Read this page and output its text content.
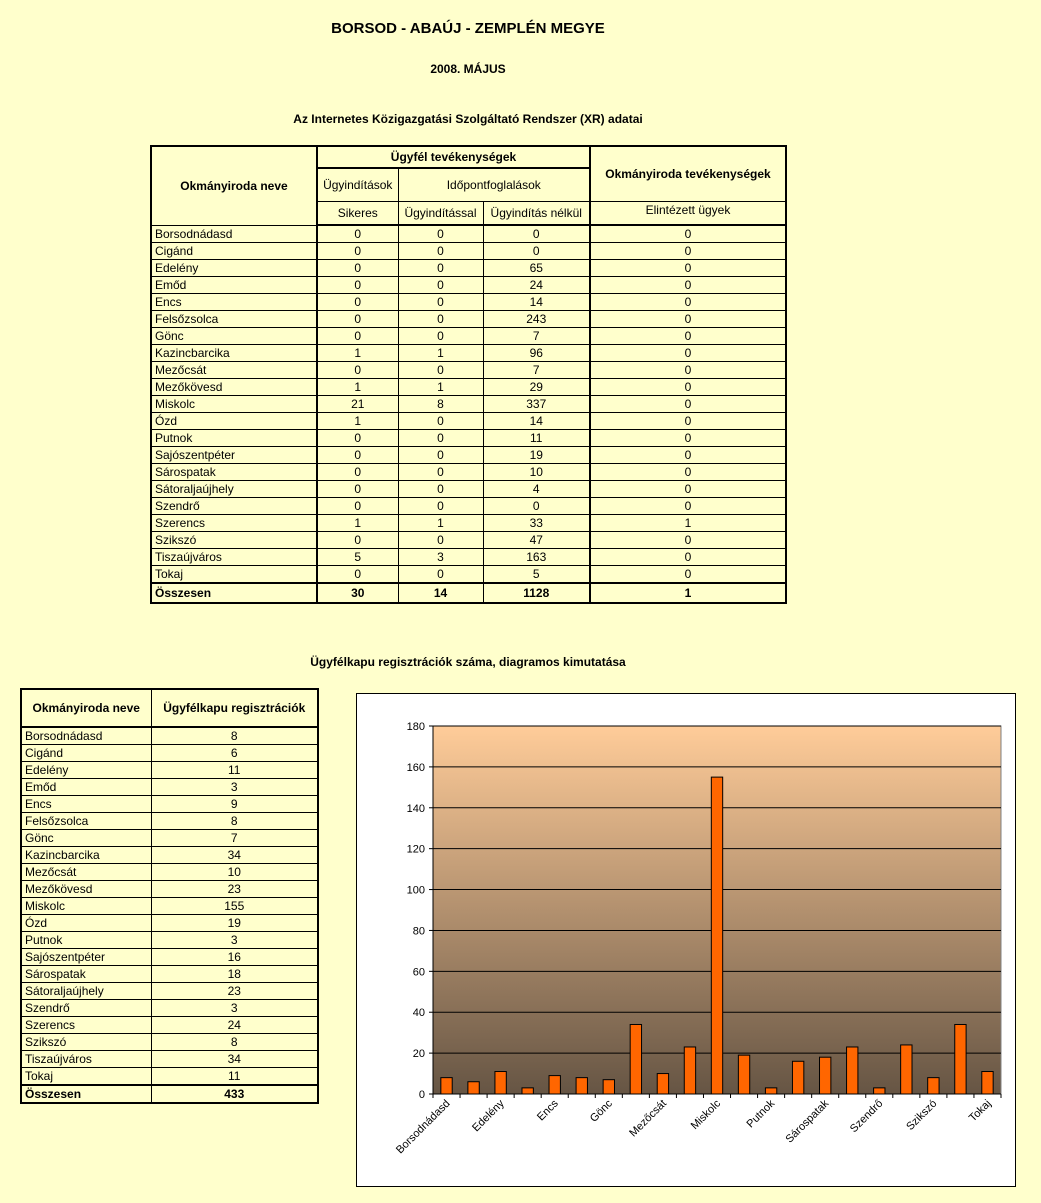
BORSOD - ABAÚJ - ZEMPLÉN MEGYE
2008. MÁJUS
Az Internetes Közigazgatási Szolgáltató Rendszer (XR) adatai
Okmányiroda neve	Ügyfél tevékenységek			Okmányiroda tevékenységek
	Ügyindítások	Időpontfoglalások		
	Sikeres	Ügyindítással	Ügyindítás nélkül	Elintézett ügyek
Borsodnádasd	0	0	0	0
Cigánd	0	0	0	0
Edelény	0	0	65	0
Emőd	0	0	24	0
Encs	0	0	14	0
Felsőzsolca	0	0	243	0
Gönc	0	0	7	0
Kazincbarcika	1	1	96	0
Mezőcsát	0	0	7	0
Mezőkövesd	1	1	29	0
Miskolc	21	8	337	0
Ózd	1	0	14	0
Putnok	0	0	11	0
Sajószentpéter	0	0	19	0
Sárospatak	0	0	10	0
Sátoraljaújhely	0	0	4	0
Szendrő	0	0	0	0
Szerencs	1	1	33	1
Szikszó	0	0	47	0
Tiszaújváros	5	3	163	0
Tokaj	0	0	5	0
Összesen	30	14	1128	1
Ügyfélkapu regisztrációk száma, diagramos kimutatása
Okmányiroda neve	Ügyfélkapu regisztrációk
Borsodnádasd	8
Cigánd	6
Edelény	11
Emőd	3
Encs	9
Felsőzsolca	8
Gönc	7
Kazincbarcika	34
Mezőcsát	10
Mezőkövesd	23
Miskolc	155
Ózd	19
Putnok	3
Sajószentpéter	16
Sárospatak	18
Sátoraljaújhely	23
Szendrő	3
Szerencs	24
Szikszó	8
Tiszaújváros	34
Tokaj	11
Összesen	433	0
20
40
60
80
100
120
140
160
180
Borsodnádasd Edelény	Encs Gönc Mezőcsát Miskolc Putnok Sárospatak Szendrő Szikszó Tokaj
